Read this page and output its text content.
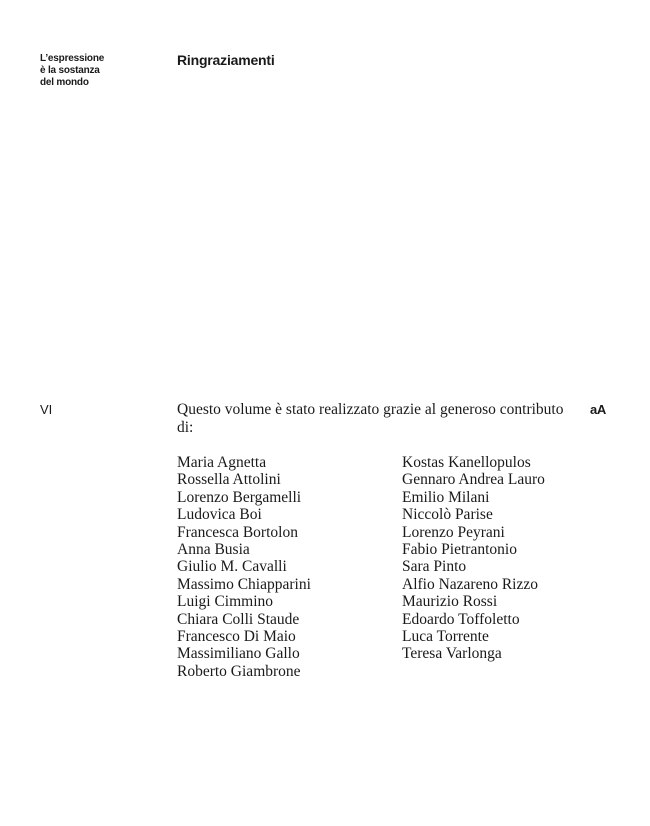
L’espressione
è la sostanza
del mondo
Ringraziamenti
VI	aA

Questo volume è stato realizzato grazie al generoso contributo di:

Maria Agnetta
Rossella Attolini
Lorenzo Bergamelli
Ludovica Boi
Francesca Bortolon
Anna Busia
Giulio M. Cavalli
Massimo Chiapparini
Luigi Cimmino
Chiara Colli Staude
Francesco Di Maio
Massimiliano Gallo
Roberto Giambrone
Kostas Kanellopulos
Gennaro Andrea Lauro
Emilio Milani
Niccolò Parise
Lorenzo Peyrani
Fabio Pietrantonio
Sara Pinto
Alfio Nazareno Rizzo
Maurizio Rossi
Edoardo Toffoletto
Luca Torrente
Teresa Varlonga
